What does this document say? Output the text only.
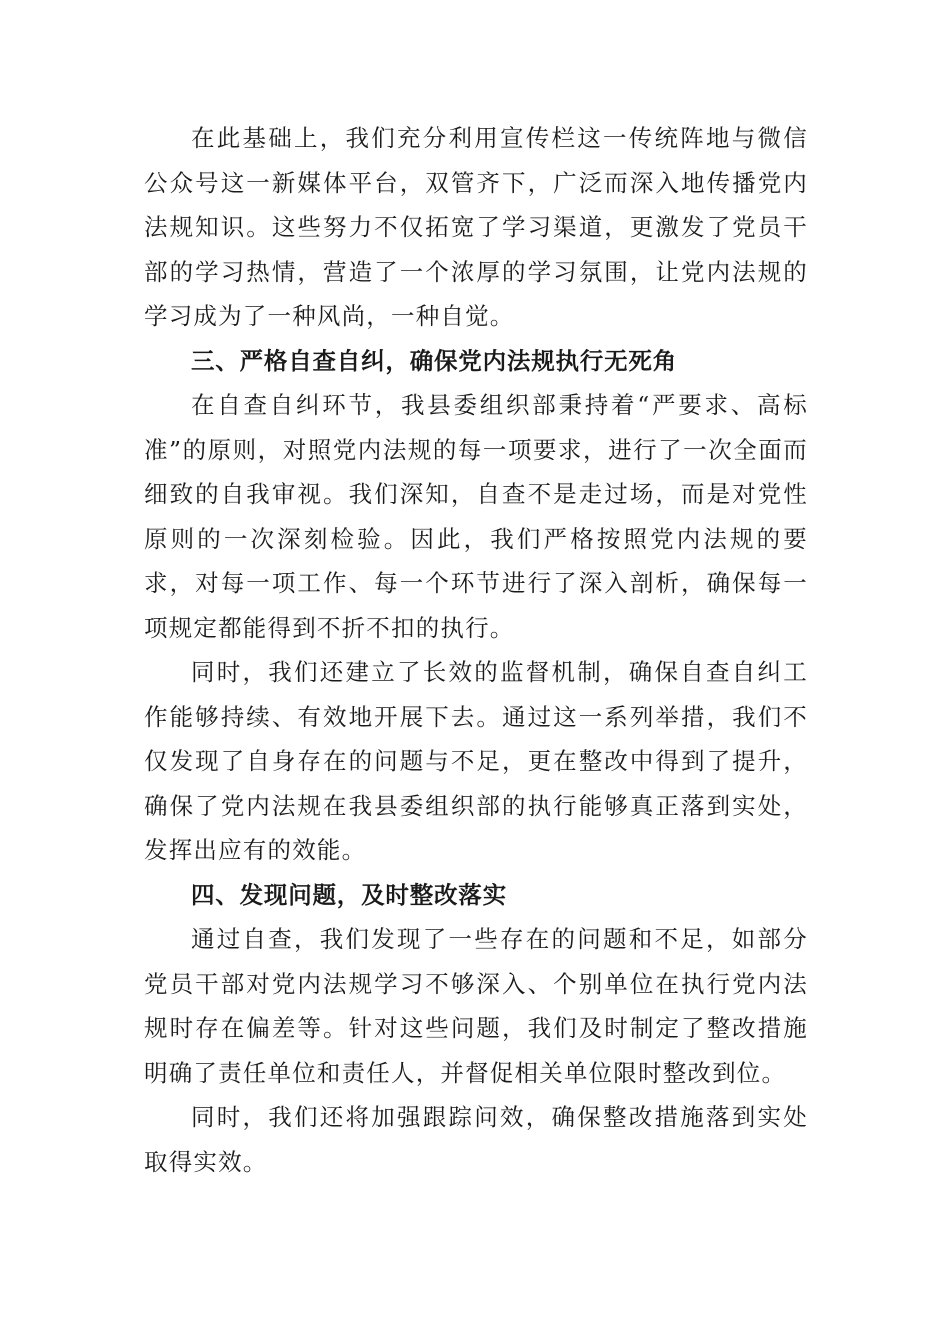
在此基础上，我们充分利用宣传栏这一传统阵地与微信公众号这一新媒体平台，双管齐下，广泛而深入地传播党内法规知识。这些努力不仅拓宽了学习渠道，更激发了党员干部的学习热情，营造了一个浓厚的学习氛围，让党内法规的学习成为了一种风尚，一种自觉。

三、严格自查自纠，确保党内法规执行无死角

在自查自纠环节，我县委组织部秉持着“严要求、高标准”的原则，对照党内法规的每一项要求，进行了一次全面而细致的自我审视。我们深知，自查不是走过场，而是对党性原则的一次深刻检验。因此，我们严格按照党内法规的要求，对每一项工作、每一个环节进行了深入剖析，确保每一项规定都能得到不折不扣的执行。

同时，我们还建立了长效的监督机制，确保自查自纠工作能够持续、有效地开展下去。通过这一系列举措，我们不仅发现了自身存在的问题与不足，更在整改中得到了提升，确保了党内法规在我县委组织部的执行能够真正落到实处，发挥出应有的效能。

四、发现问题，及时整改落实

通过自查，我们发现了一些存在的问题和不足，如部分党员干部对党内法规学习不够深入、个别单位在执行党内法规时存在偏差等。针对这些问题，我们及时制定了整改措施明确了责任单位和责任人，并督促相关单位限时整改到位。

同时，我们还将加强跟踪问效，确保整改措施落到实处取得实效。
